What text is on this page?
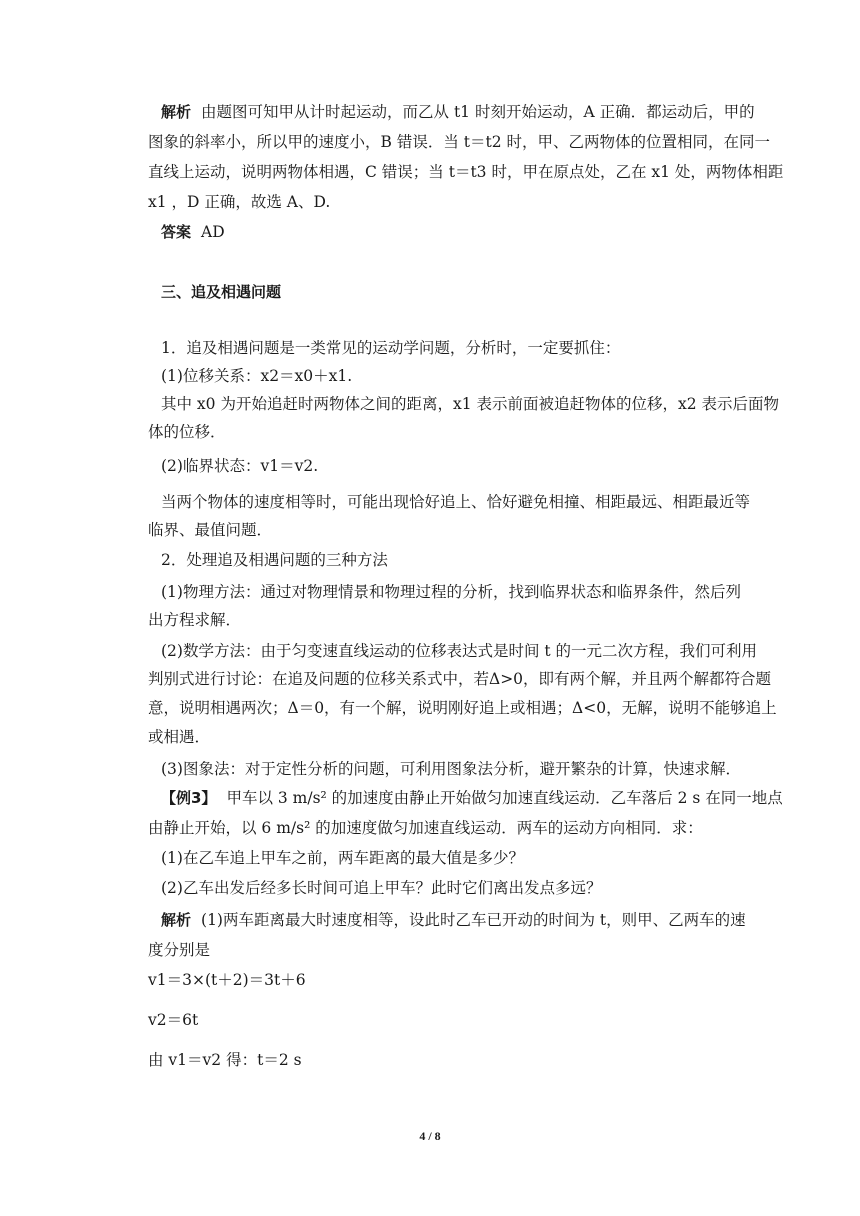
解析 由题图可知甲从计时起运动，而乙从 t1 时刻开始运动，A 正确．都运动后，甲的
图象的斜率小，所以甲的速度小，B 错误．当 t＝t2 时，甲、乙两物体的位置相同，在同一
直线上运动，说明两物体相遇，C 错误；当 t＝t3 时，甲在原点处，乙在 x1 处，两物体相距
x1 ，D 正确，故选 A、D.
答案 AD
三、追及相遇问题
1．追及相遇问题是一类常见的运动学问题，分析时，一定要抓住：
(1)位移关系：x2＝x0＋x1.
其中 x0 为开始追赶时两物体之间的距离，x1 表示前面被追赶物体的位移，x2 表示后面物
体的位移．
(2)临界状态：v1＝v2.
当两个物体的速度相等时，可能出现恰好追上、恰好避免相撞、相距最远、相距最近等
临界、最值问题．
2．处理追及相遇问题的三种方法
(1)物理方法：通过对物理情景和物理过程的分析，找到临界状态和临界条件，然后列
出方程求解．
(2)数学方法：由于匀变速直线运动的位移表达式是时间 t 的一元二次方程，我们可利用
判别式进行讨论：在追及问题的位移关系式中，若Δ>0，即有两个解，并且两个解都符合题
意，说明相遇两次；Δ＝0，有一个解，说明刚好追上或相遇；Δ<0，无解，说明不能够追上
或相遇．
(3)图象法：对于定性分析的问题，可利用图象法分析，避开繁杂的计算，快速求解．
【例3】 甲车以 3 m/s² 的加速度由静止开始做匀加速直线运动．乙车落后 2 s 在同一地点
由静止开始，以 6 m/s² 的加速度做匀加速直线运动．两车的运动方向相同．求：
(1)在乙车追上甲车之前，两车距离的最大值是多少？
(2)乙车出发后经多长时间可追上甲车？此时它们离出发点多远？
解析 (1)两车距离最大时速度相等，设此时乙车已开动的时间为 t，则甲、乙两车的速
度分别是
v1＝3×(t＋2)＝3t＋6
v2＝6t
由 v1＝v2 得：t＝2 s
4 / 8
